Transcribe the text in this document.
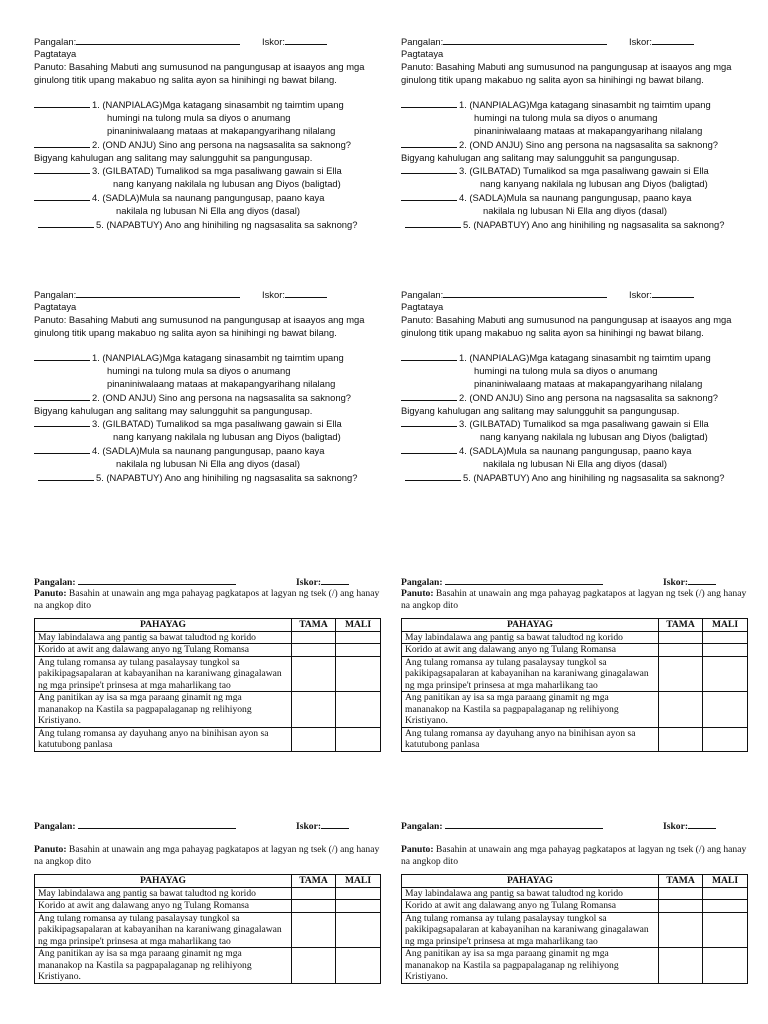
Pangalan:	Iskor:
Pagtataya

Panuto: Basahing Mabuti ang sumusunod na pangungusap at isaayos ang mga ginulong titik upang makabuo ng salita ayon sa hinihingi ng bawat bilang.

1. (NANPIALAG)Mga katagang sinasambit ng taimtim upang
humingi na tulong mula sa diyos o anumang
pinaniniwalaang mataas at makapangyarihang nilalang
2. (OND ANJU) Sino ang persona na nagsasalita sa saknong?
Bigyang kahulugan ang salitang may salungguhit sa pangungusap.
3. (GILBATAD) Tumalikod sa mga pasaliwang gawain si Ella
nang kanyang nakilala ng lubusan ang Diyos (baligtad)
4. (SADLA)Mula sa naunang pangungusap, paano kaya
nakilala ng lubusan Ni Ella ang diyos (dasal)
5. (NAPABTUY) Ano ang hinihiling ng nagsasalita sa saknong?
Pangalan:	Iskor:
Pagtataya

Panuto: Basahing Mabuti ang sumusunod na pangungusap at isaayos ang mga ginulong titik upang makabuo ng salita ayon sa hinihingi ng bawat bilang.

1. (NANPIALAG)Mga katagang sinasambit ng taimtim upang
humingi na tulong mula sa diyos o anumang
pinaniniwalaang mataas at makapangyarihang nilalang
2. (OND ANJU) Sino ang persona na nagsasalita sa saknong?
Bigyang kahulugan ang salitang may salungguhit sa pangungusap.
3. (GILBATAD) Tumalikod sa mga pasaliwang gawain si Ella
nang kanyang nakilala ng lubusan ang Diyos (baligtad)
4. (SADLA)Mula sa naunang pangungusap, paano kaya
nakilala ng lubusan Ni Ella ang diyos (dasal)
5. (NAPABTUY) Ano ang hinihiling ng nagsasalita sa saknong?
Pangalan:	Iskor:
Pagtataya

Panuto: Basahing Mabuti ang sumusunod na pangungusap at isaayos ang mga ginulong titik upang makabuo ng salita ayon sa hinihingi ng bawat bilang.

1. (NANPIALAG)Mga katagang sinasambit ng taimtim upang
humingi na tulong mula sa diyos o anumang
pinaniniwalaang mataas at makapangyarihang nilalang
2. (OND ANJU) Sino ang persona na nagsasalita sa saknong?
Bigyang kahulugan ang salitang may salungguhit sa pangungusap.
3. (GILBATAD) Tumalikod sa mga pasaliwang gawain si Ella
nang kanyang nakilala ng lubusan ang Diyos (baligtad)
4. (SADLA)Mula sa naunang pangungusap, paano kaya
nakilala ng lubusan Ni Ella ang diyos (dasal)
5. (NAPABTUY) Ano ang hinihiling ng nagsasalita sa saknong?
Pangalan:	Iskor:
Pagtataya

Panuto: Basahing Mabuti ang sumusunod na pangungusap at isaayos ang mga ginulong titik upang makabuo ng salita ayon sa hinihingi ng bawat bilang.

1. (NANPIALAG)Mga katagang sinasambit ng taimtim upang
humingi na tulong mula sa diyos o anumang
pinaniniwalaang mataas at makapangyarihang nilalang
2. (OND ANJU) Sino ang persona na nagsasalita sa saknong?
Bigyang kahulugan ang salitang may salungguhit sa pangungusap.
3. (GILBATAD) Tumalikod sa mga pasaliwang gawain si Ella
nang kanyang nakilala ng lubusan ang Diyos (baligtad)
4. (SADLA)Mula sa naunang pangungusap, paano kaya
nakilala ng lubusan Ni Ella ang diyos (dasal)
5. (NAPABTUY) Ano ang hinihiling ng nagsasalita sa saknong?
Pangalan:	Iskor:

Panuto: Basahin at unawain ang mga pahayag pagkatapos at lagyan ng tsek (/) ang hanay na angkop dito

PAHAYAG	TAMA	MALI
May labindalawa ang pantig sa bawat taludtod ng korido		
Korido at awit ang dalawang anyo ng Tulang Romansa		
Ang tulang romansa ay tulang pasalaysay tungkol sa pakikipagsapalaran at kabayanihan na karaniwang ginagalawan ng mga prinsipe't prinsesa at mga maharlikang tao		
Ang panitikan ay isa sa mga paraang ginamit ng mga mananakop na Kastila sa pagpapalaganap ng relihiyong Kristiyano.		
Ang tulang romansa ay dayuhang anyo na binihisan ayon sa katutubong panlasa		
Pangalan:	Iskor:

Panuto: Basahin at unawain ang mga pahayag pagkatapos at lagyan ng tsek (/) ang hanay na angkop dito

PAHAYAG	TAMA	MALI
May labindalawa ang pantig sa bawat taludtod ng korido		
Korido at awit ang dalawang anyo ng Tulang Romansa		
Ang tulang romansa ay tulang pasalaysay tungkol sa pakikipagsapalaran at kabayanihan na karaniwang ginagalawan ng mga prinsipe't prinsesa at mga maharlikang tao		
Ang panitikan ay isa sa mga paraang ginamit ng mga mananakop na Kastila sa pagpapalaganap ng relihiyong Kristiyano.		
Ang tulang romansa ay dayuhang anyo na binihisan ayon sa katutubong panlasa		
Pangalan:	Iskor:

Panuto: Basahin at unawain ang mga pahayag pagkatapos at lagyan ng tsek (/) ang hanay na angkop dito

PAHAYAG	TAMA	MALI
May labindalawa ang pantig sa bawat taludtod ng korido		
Korido at awit ang dalawang anyo ng Tulang Romansa		
Ang tulang romansa ay tulang pasalaysay tungkol sa pakikipagsapalaran at kabayanihan na karaniwang ginagalawan ng mga prinsipe't prinsesa at mga maharlikang tao		
Ang panitikan ay isa sa mga paraang ginamit ng mga mananakop na Kastila sa pagpapalaganap ng relihiyong Kristiyano.		
Pangalan:	Iskor:

Panuto: Basahin at unawain ang mga pahayag pagkatapos at lagyan ng tsek (/) ang hanay na angkop dito

PAHAYAG	TAMA	MALI
May labindalawa ang pantig sa bawat taludtod ng korido		
Korido at awit ang dalawang anyo ng Tulang Romansa		
Ang tulang romansa ay tulang pasalaysay tungkol sa pakikipagsapalaran at kabayanihan na karaniwang ginagalawan ng mga prinsipe't prinsesa at mga maharlikang tao		
Ang panitikan ay isa sa mga paraang ginamit ng mga mananakop na Kastila sa pagpapalaganap ng relihiyong Kristiyano.		
